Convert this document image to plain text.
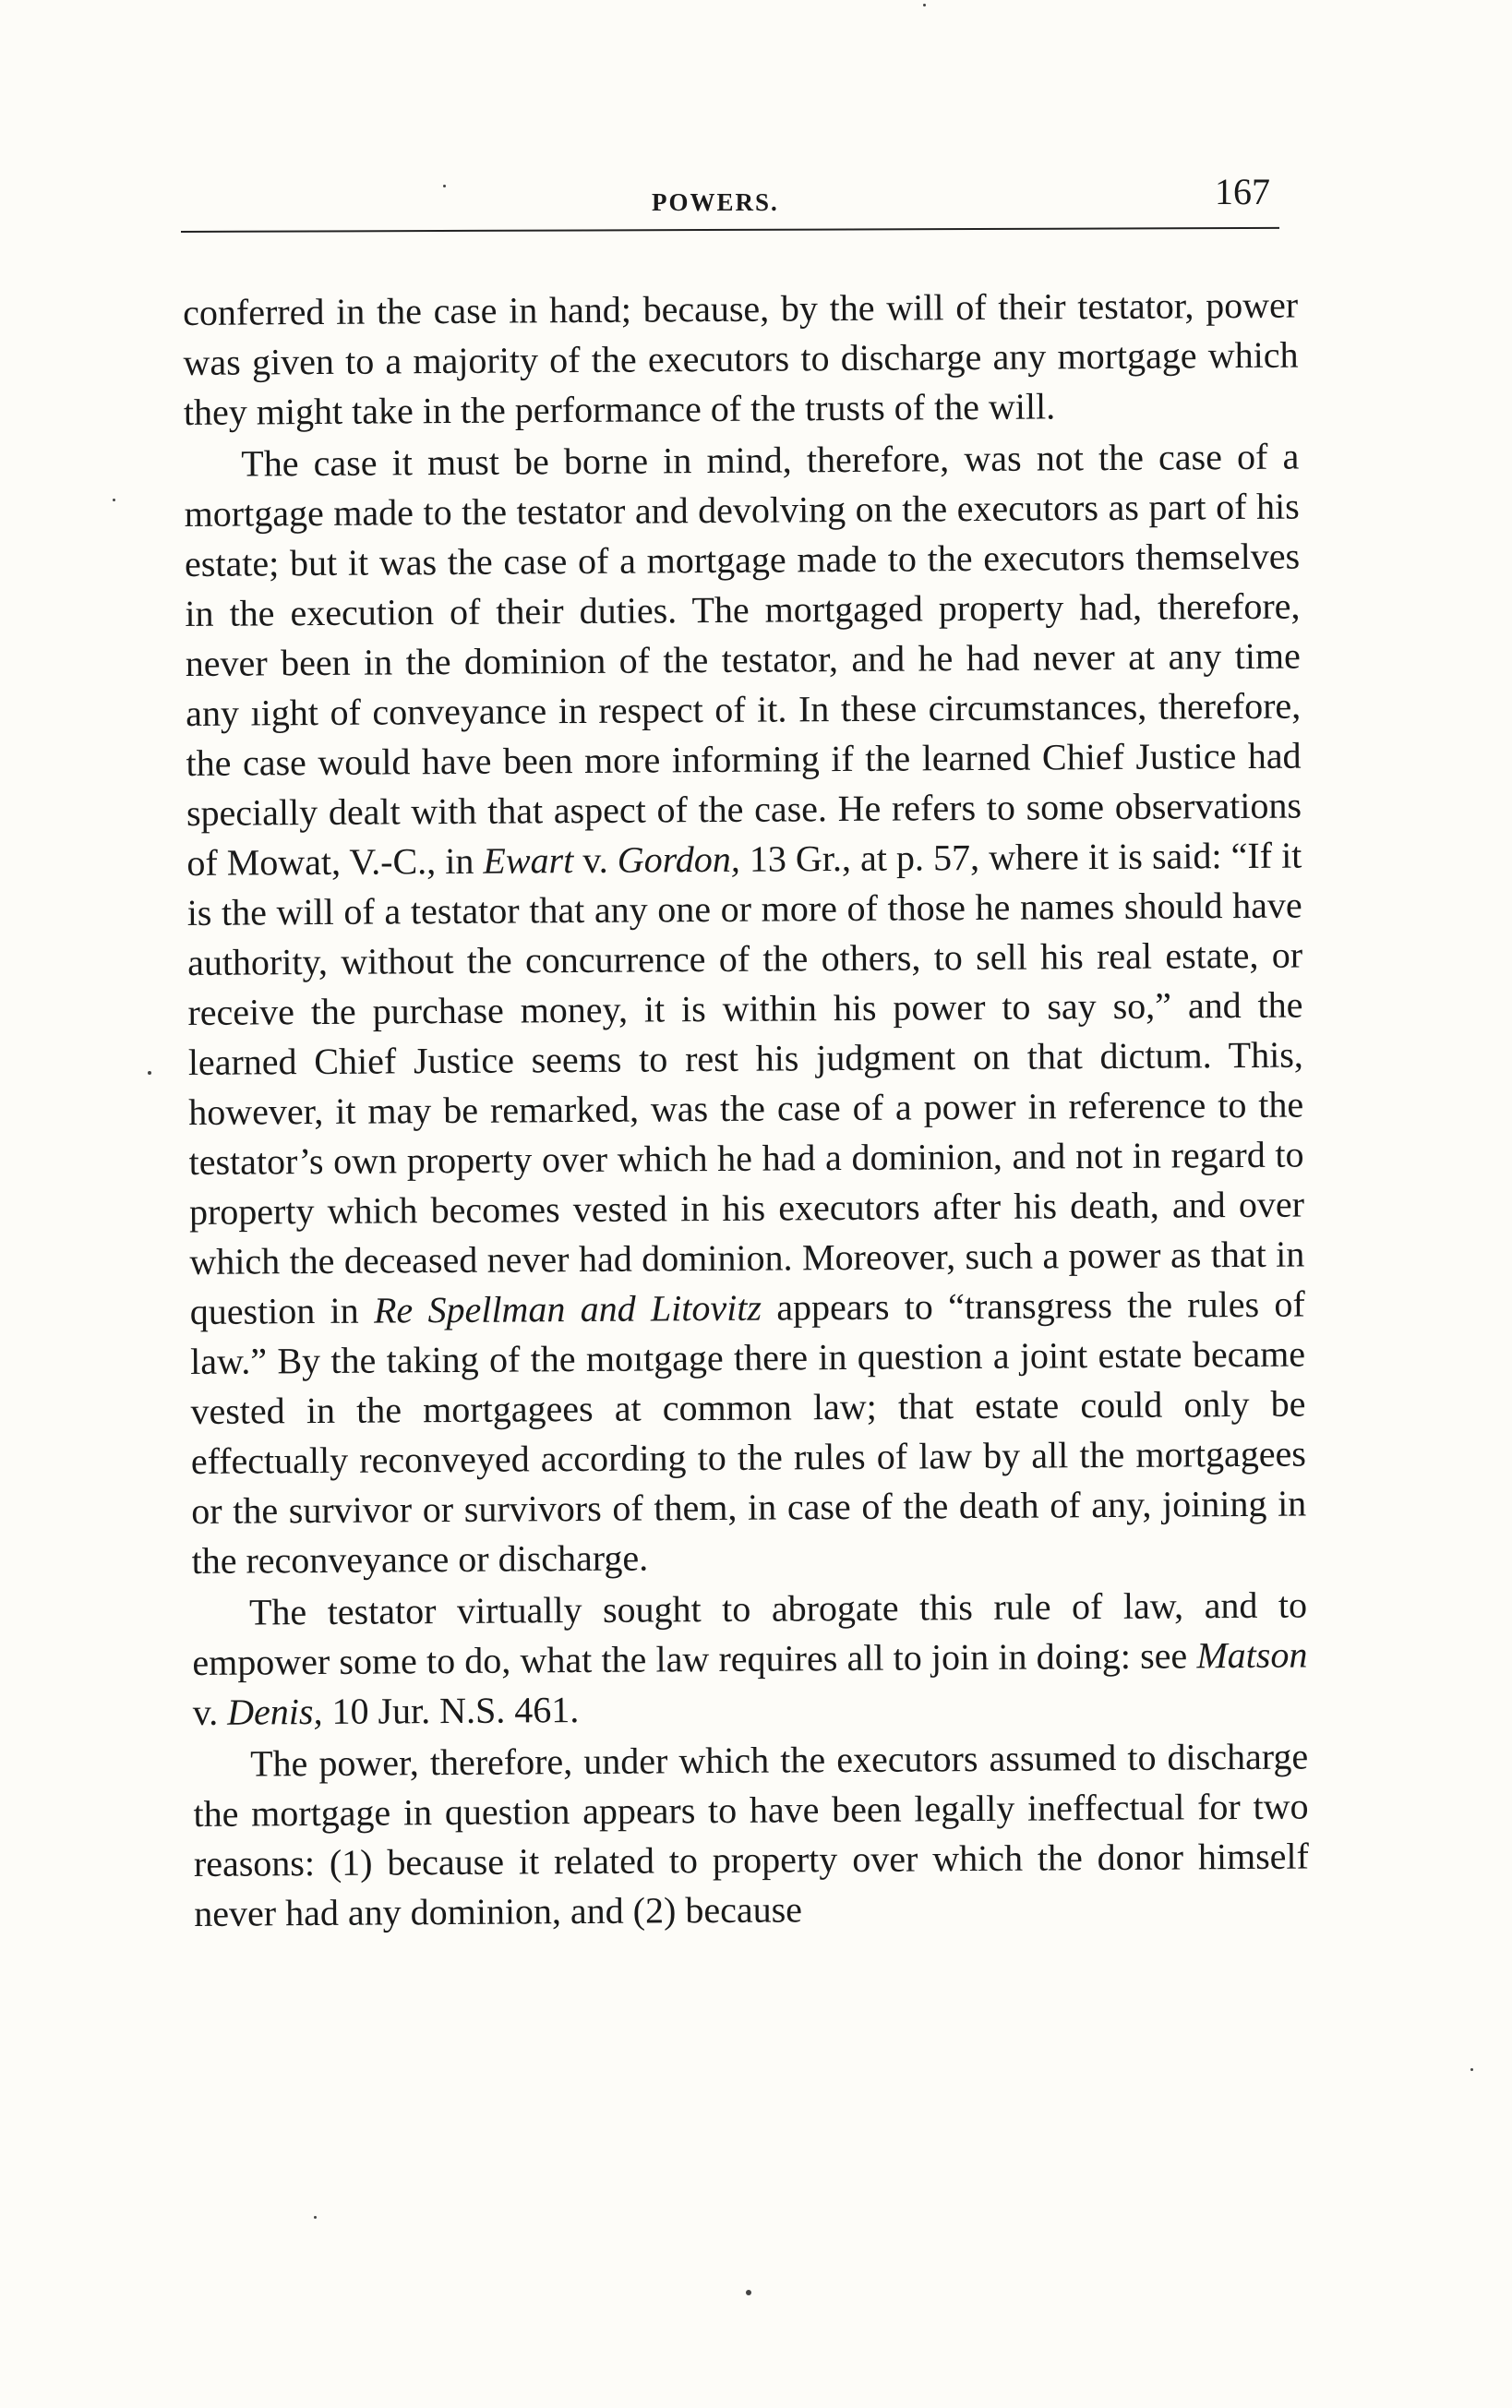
POWERS.	167

conferred in the case in hand; because, by the will of their testator, power was given to a majority of the executors to discharge any mortgage which they might take in the performance of the trusts of the will.

The case it must be borne in mind, therefore, was not the case of a mortgage made to the testator and devolving on the executors as part of his estate; but it was the case of a mortgage made to the executors themselves in the execution of their duties. The mortgaged property had, therefore, never been in the dominion of the testator, and he had never at any time any ıight of conveyance in respect of it. In these circumstances, therefore, the case would have been more informing if the learned Chief Justice had specially dealt with that aspect of the case. He refers to some observations of Mowat, V.-C., in Ewart v. Gordon, 13 Gr., at p. 57, where it is said: “If it is the will of a testator that any one or more of those he names should have authority, without the concurrence of the others, to sell his real estate, or receive the purchase money, it is within his power to say so,” and the learned Chief Justice seems to rest his judgment on that dictum. This, however, it may be remarked, was the case of a power in reference to the testator’s own property over which he had a dominion, and not in regard to property which becomes vested in his executors after his death, and over which the deceased never had dominion. Moreover, such a power as that in question in Re Spellman and Litovitz appears to “transgress the rules of law.” By the taking of the moıtgage there in question a joint estate became vested in the mortgagees at common law; that estate could only be effectually reconveyed according to the rules of law by all the mortgagees or the survivor or survivors of them, in case of the death of any, joining in the reconveyance or discharge.

The testator virtually sought to abrogate this rule of law, and to empower some to do, what the law requires all to join in doing: see Matson v. Denis, 10 Jur. N.S. 461.

The power, therefore, under which the executors assumed to discharge the mortgage in question appears to have been legally ineffectual for two reasons: (1) because it related to property over which the donor himself never had any dominion, and (2) because
